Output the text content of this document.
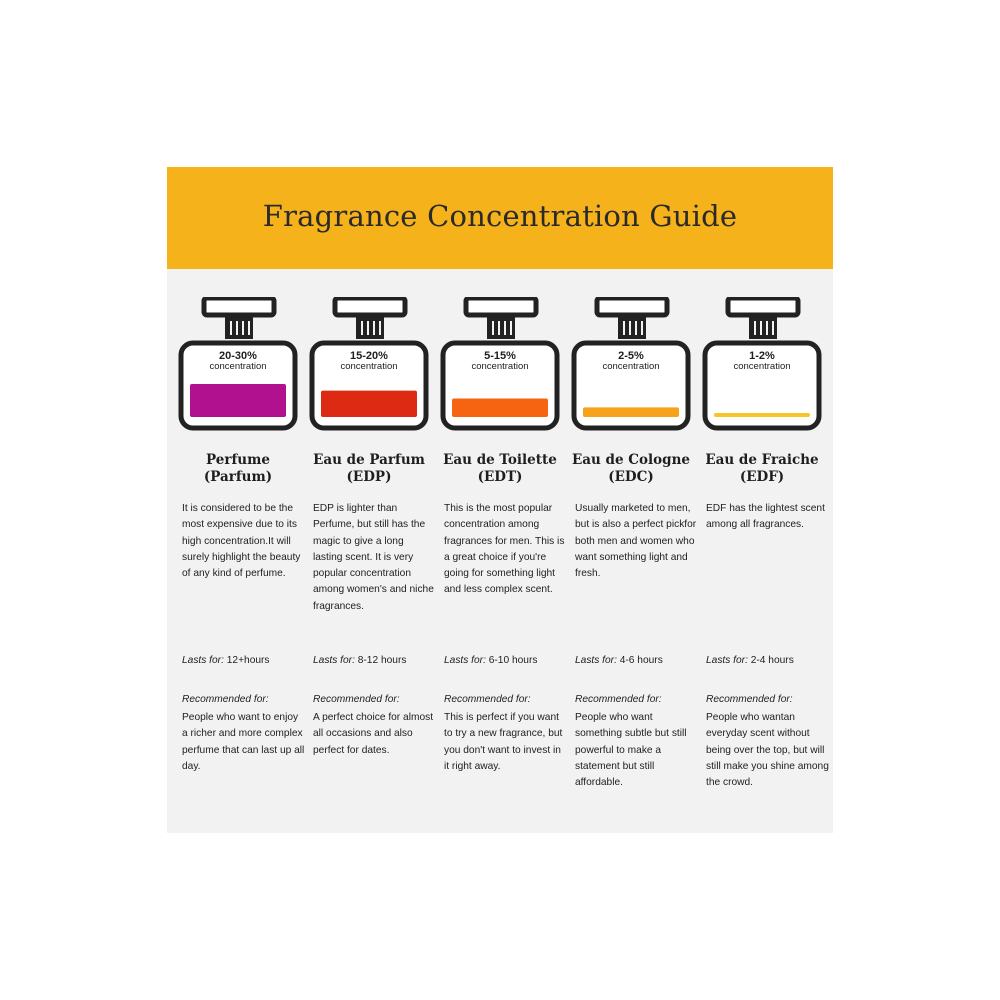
Fragrance Concentration Guide
20-30%
concentration
Perfume
(Parfum)
It is considered to be the most expensive due to its high concentration.It will surely highlight the beauty of any kind of perfume.
Lasts for: 12+hours
Recommended for:
People who want to enjoy a richer and more complex perfume that can last up all day.
15-20%
concentration
Eau de Parfum
(EDP)
EDP is lighter than Perfume, but still has the magic to give a long lasting scent. It is very popular concentration among women's and niche fragrances.
Lasts for: 8-12 hours
Recommended for:
A perfect choice for almost all occasions and also perfect for dates.
5-15%
concentration
Eau de Toilette
(EDT)
This is the most popular concentration among fragrances for men. This is a great choice if you're going for something light and less complex scent.
Lasts for: 6-10 hours
Recommended for:
This is perfect if you want to try a new fragrance, but you don't want to invest in it right away.
2-5%
concentration
Eau de Cologne
(EDC)
Usually marketed to men, but is also a perfect pickfor both men and women who want something light and fresh.
Lasts for: 4-6 hours
Recommended for:
People who want something subtle but still powerful to make a statement but still affordable.
1-2%
concentration
Eau de Fraiche
(EDF)
EDF has the lightest scent among all fragrances.
Lasts for: 2-4 hours
Recommended for:
People who wantan everyday scent without being over the top, but will still make you shine among the crowd.
